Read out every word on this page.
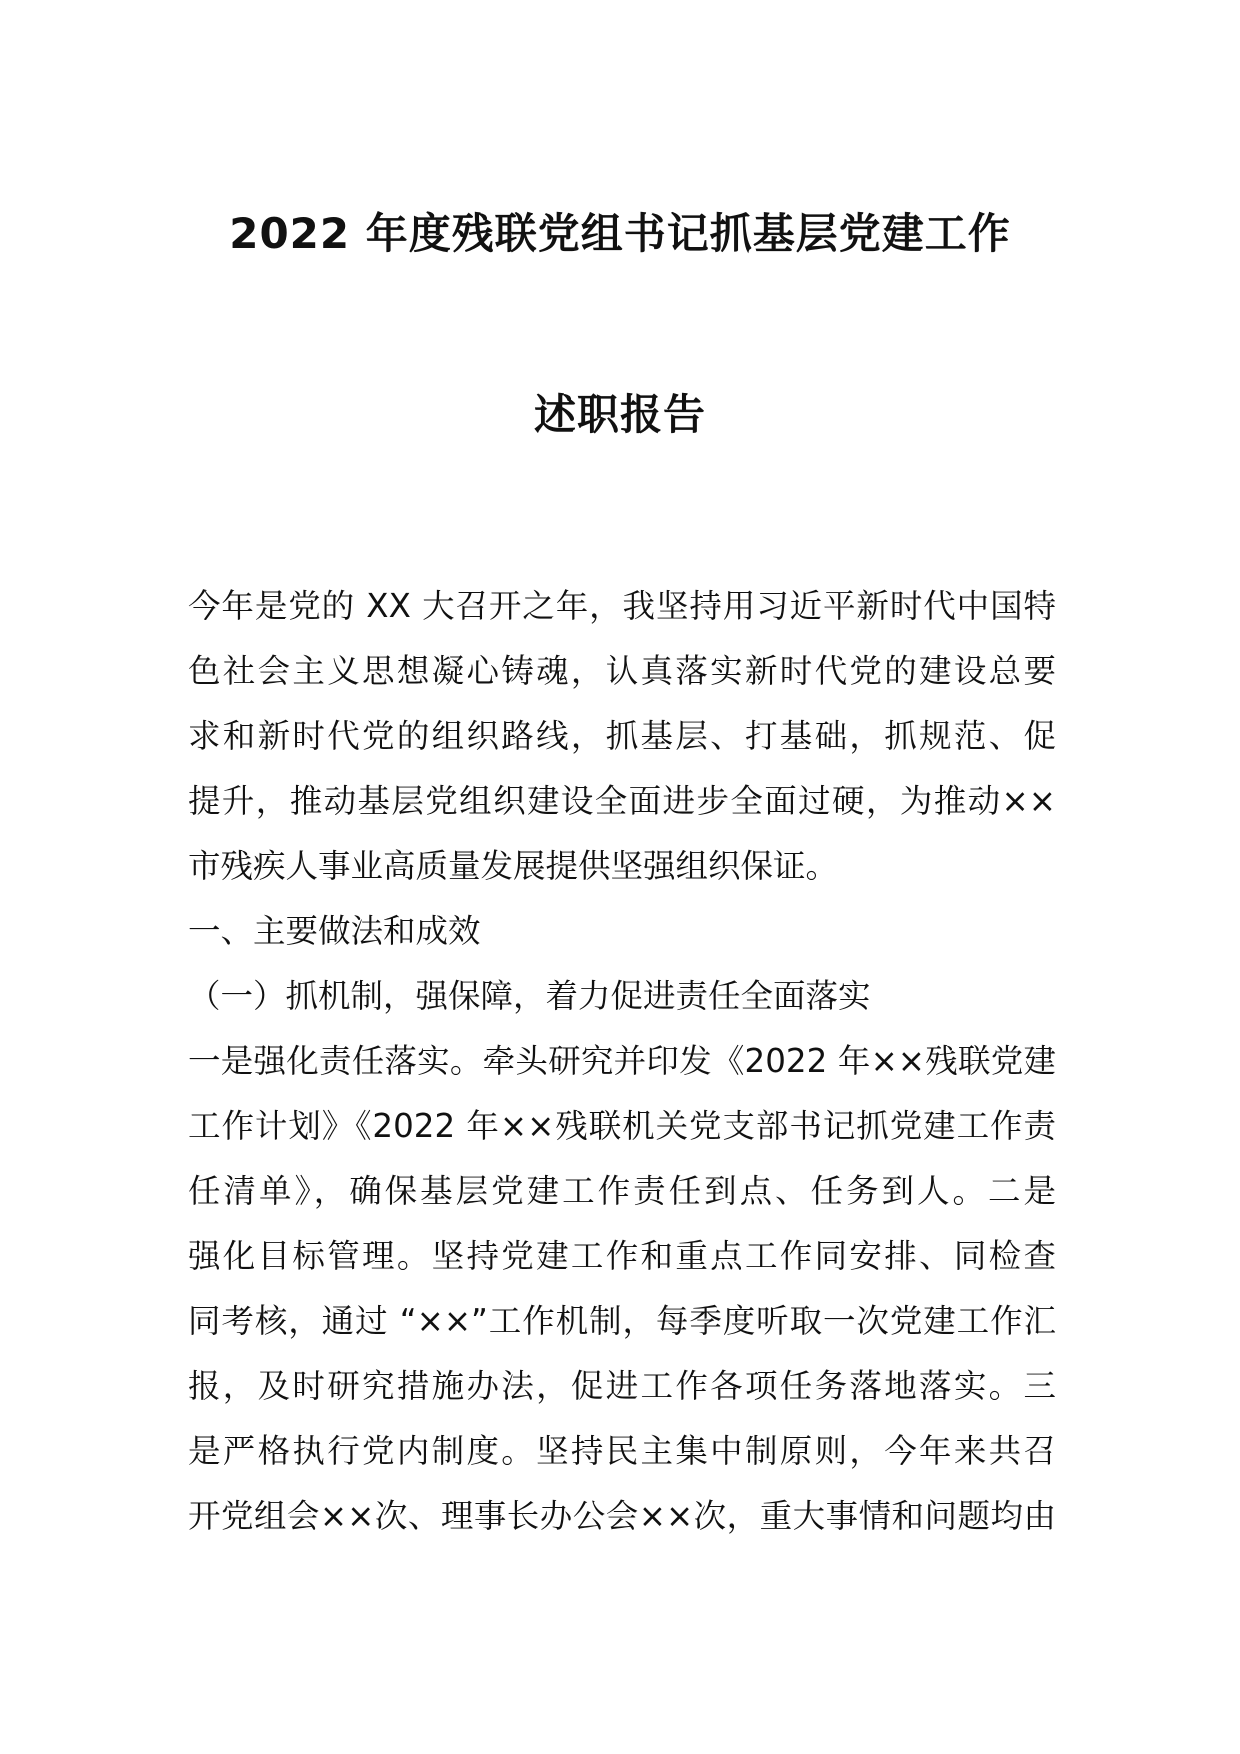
2022 年度残联党组书记抓基层党建工作
述职报告
今年是党的 XX 大召开之年，我坚持用习近平新时代中国特
色社会主义思想凝心铸魂，认真落实新时代党的建设总要
求和新时代党的组织路线，抓基层、打基础，抓规范、促
提升，推动基层党组织建设全面进步全面过硬，为推动××
市残疾人事业高质量发展提供坚强组织保证。
一、主要做法和成效
（一）抓机制，强保障，着力促进责任全面落实
一是强化责任落实。牵头研究并印发《2022 年××残联党建
工作计划》《2022 年××残联机关党支部书记抓党建工作责
任清单》，确保基层党建工作责任到点、任务到人。二是
强化目标管理。坚持党建工作和重点工作同安排、同检查
同考核，通过 “××”工作机制，每季度听取一次党建工作汇
报，及时研究措施办法，促进工作各项任务落地落实。三
是严格执行党内制度。坚持民主集中制原则，今年来共召
开党组会××次、理事长办公会××次，重大事情和问题均由
